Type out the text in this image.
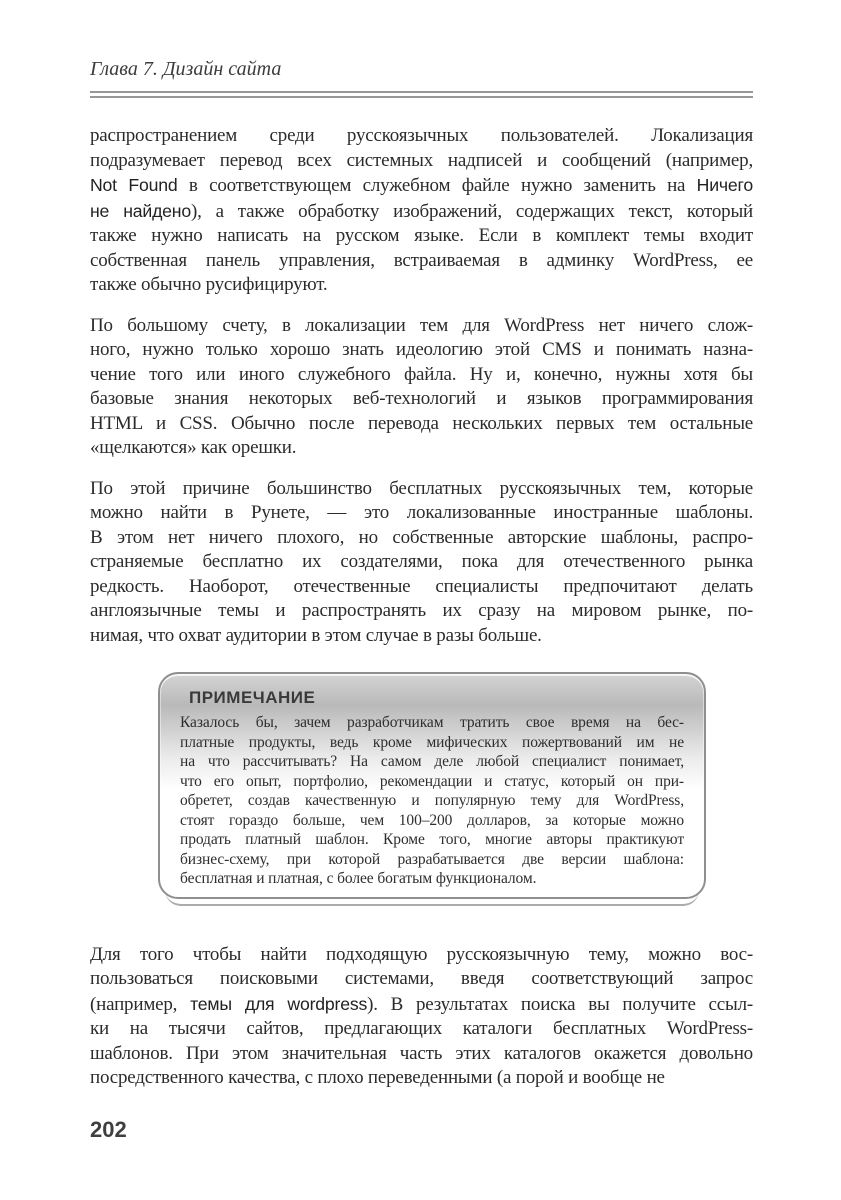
Глава 7. Дизайн сайта
распространением среди русскоязычных пользователей. Локализация
подразумевает перевод всех системных надписей и сообщений (например,
Not Found в соответствующем служебном файле нужно заменить на Ничего
не найдено), а также обработку изображений, содержащих текст, который
также нужно написать на русском языке. Если в комплект темы входит
собственная панель управления, встраиваемая в админку WordPress, ее
также обычно русифицируют.
По большому счету, в локализации тем для WordPress нет ничего слож-
ного, нужно только хорошо знать идеологию этой CMS и понимать назна-
чение того или иного служебного файла. Ну и, конечно, нужны хотя бы
базовые знания некоторых веб-технологий и языков программирования
HTML и CSS. Обычно после перевода нескольких первых тем остальные
«щелкаются» как орешки.
По этой причине большинство бесплатных русскоязычных тем, которые
можно найти в Рунете, — это локализованные иностранные шаблоны.
В этом нет ничего плохого, но собственные авторские шаблоны, распро-
страняемые бесплатно их создателями, пока для отечественного рынка
редкость. Наоборот, отечественные специалисты предпочитают делать
англоязычные темы и распространять их сразу на мировом рынке, по-
нимая, что охват аудитории в этом случае в разы больше.
ПРИМЕЧАНИЕ
Казалось бы, зачем разработчикам тратить свое время на бес-
платные продукты, ведь кроме мифических пожертвований им не
на что рассчитывать? На самом деле любой специалист понимает,
что его опыт, портфолио, рекомендации и статус, который он при-
обретет, создав качественную и популярную тему для WordPress,
стоят гораздо больше, чем 100–200 долларов, за которые можно
продать платный шаблон. Кроме того, многие авторы практикуют
бизнес-схему, при которой разрабатывается две версии шаблона:
бесплатная и платная, с более богатым функционалом.
Для того чтобы найти подходящую русскоязычную тему, можно вос-
пользоваться поисковыми системами, введя соответствующий запрос
(например, темы для wordpress). В результатах поиска вы получите ссыл-
ки на тысячи сайтов, предлагающих каталоги бесплатных WordPress-
шаблонов. При этом значительная часть этих каталогов окажется довольно
посредственного качества, с плохо переведенными (а порой и вообще не
202
